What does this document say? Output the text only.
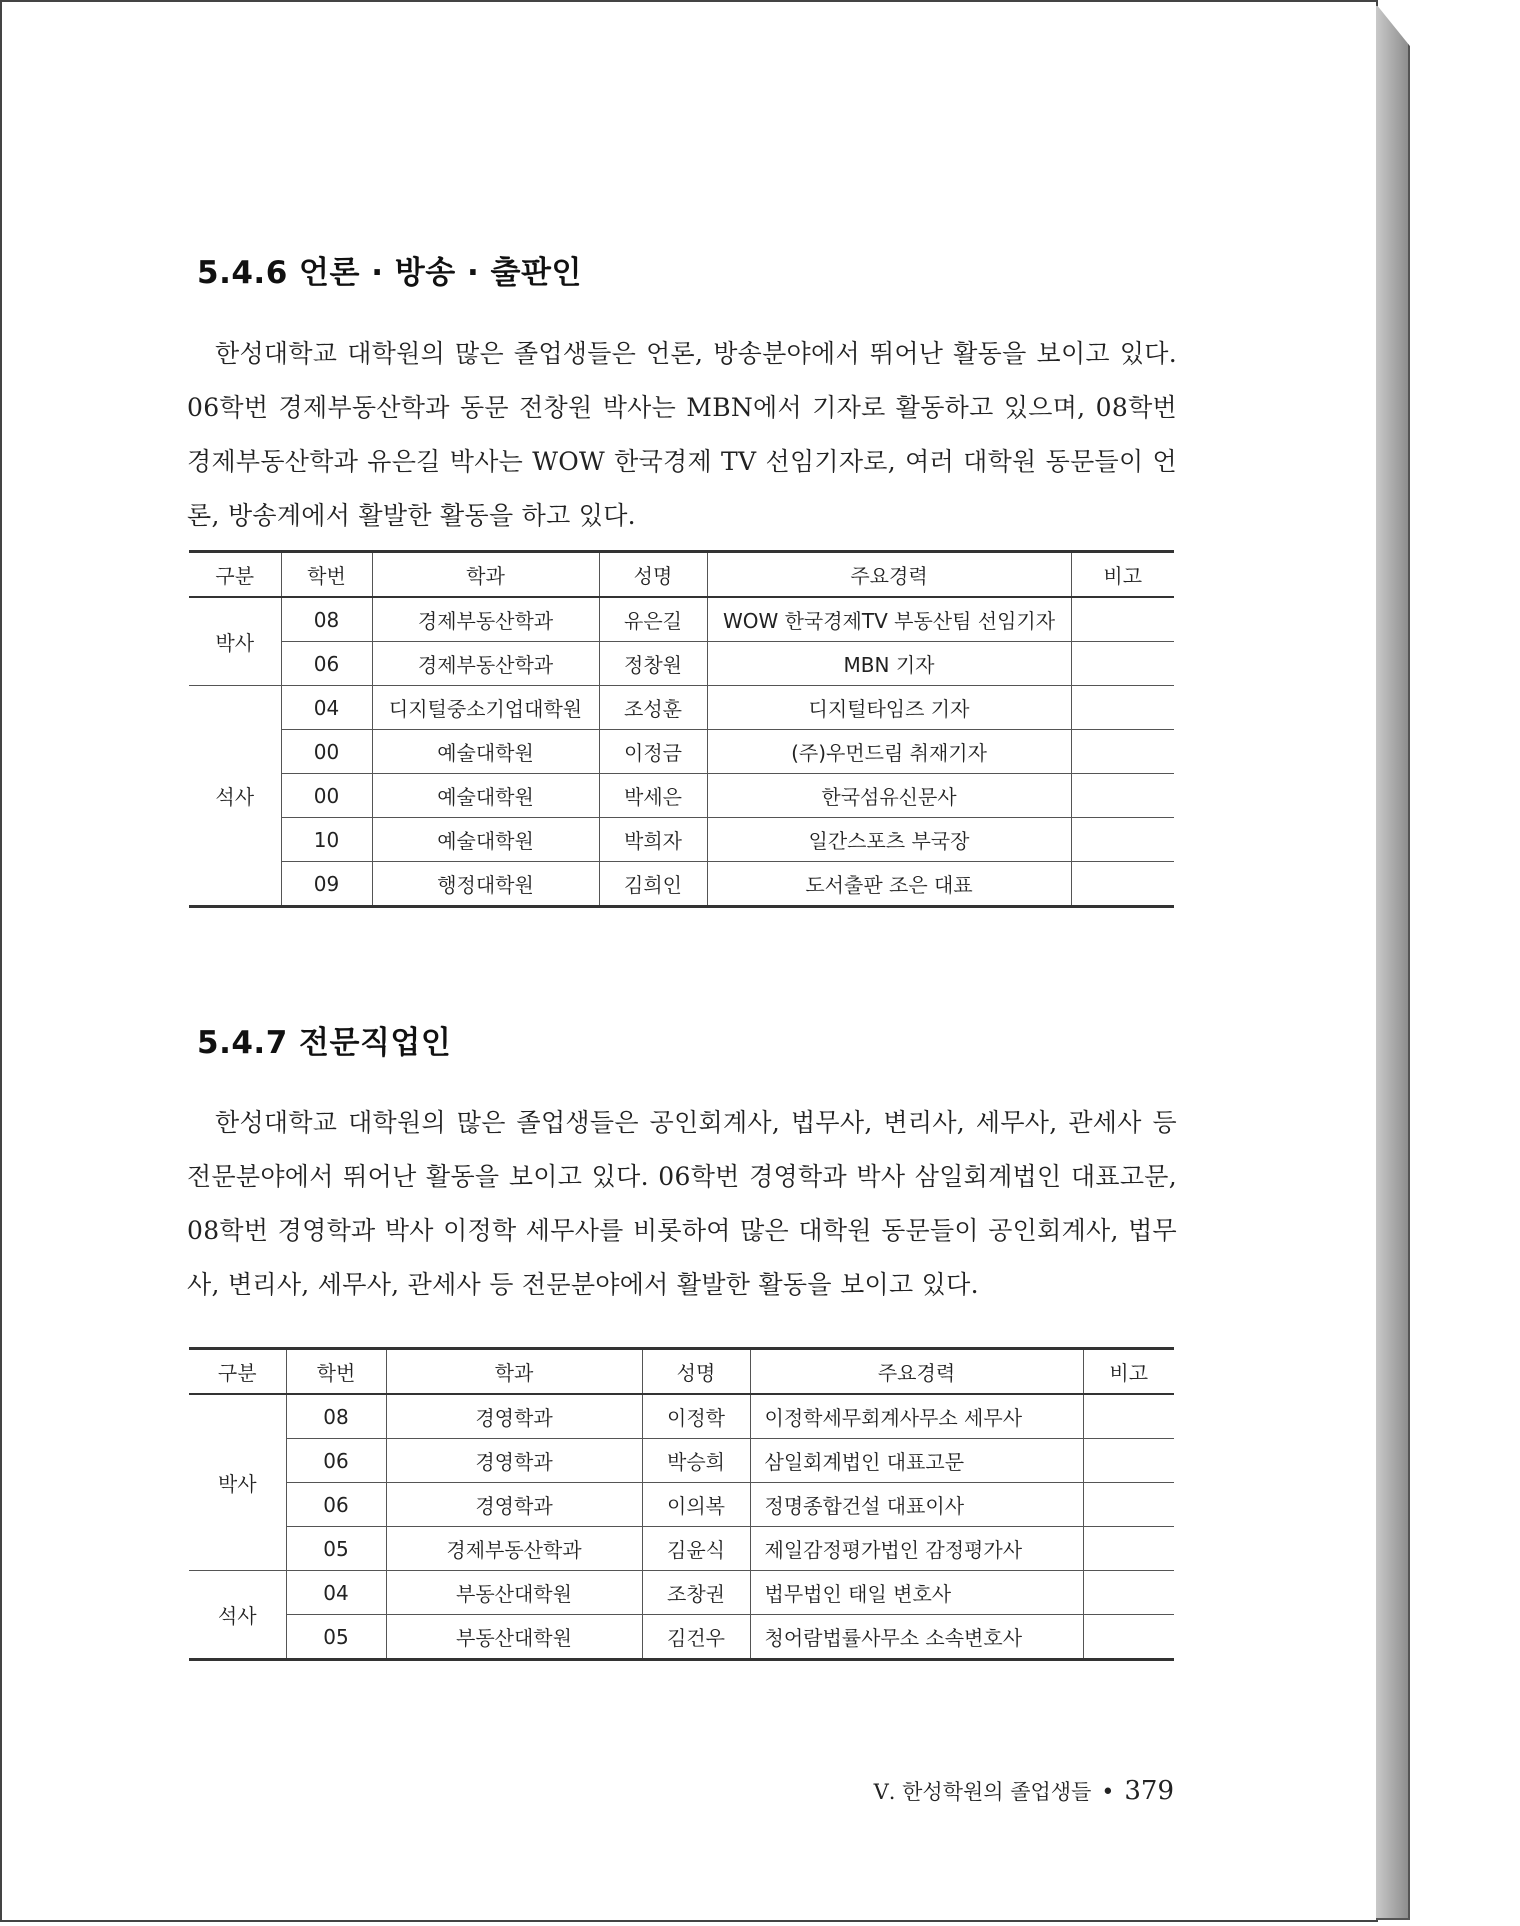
5.4.6 언론 · 방송 · 출판인

한성대학교 대학원의 많은 졸업생들은 언론, 방송분야에서 뛰어난 활동을 보이고 있다. 06학번 경제부동산학과 동문 전창원 박사는 MBN에서 기자로 활동하고 있으며, 08학번 경제부동산학과 유은길 박사는 WOW 한국경제 TV 선임기자로, 여러 대학원 동문들이 언론, 방송계에서 활발한 활동을 하고 있다.

구분	학번	학과	성명	주요경력	비고
박사	08	경제부동산학과	유은길	WOW 한국경제TV 부동산팀 선임기자	
	06	경제부동산학과	정창원	MBN 기자	
석사	04	디지털중소기업대학원	조성훈	디지털타임즈 기자	
	00	예술대학원	이정금	(주)우먼드림 취재기자	
	00	예술대학원	박세은	한국섬유신문사	
	10	예술대학원	박희자	일간스포츠 부국장	
	09	행정대학원	김희인	도서출판 조은 대표	
5.4.7 전문직업인

한성대학교 대학원의 많은 졸업생들은 공인회계사, 법무사, 변리사, 세무사, 관세사 등 전문분야에서 뛰어난 활동을 보이고 있다. 06학번 경영학과 박사 삼일회계법인 대표고문, 08학번 경영학과 박사 이정학 세무사를 비롯하여 많은 대학원 동문들이 공인회계사, 법무사, 변리사, 세무사, 관세사 등 전문분야에서 활발한 활동을 보이고 있다.

구분	학번	학과	성명	주요경력	비고
박사	08	경영학과	이정학	이정학세무회계사무소 세무사	
	06	경영학과	박승희	삼일회계법인 대표고문	
	06	경영학과	이의복	정명종합건설 대표이사	
	05	경제부동산학과	김윤식	제일감정평가법인 감정평가사	
석사	04	부동산대학원	조창권	법무법인 태일 변호사	
	05	부동산대학원	김건우	청어람법률사무소 소속변호사	
Ⅴ. 한성학원의 졸업생들 • 379
